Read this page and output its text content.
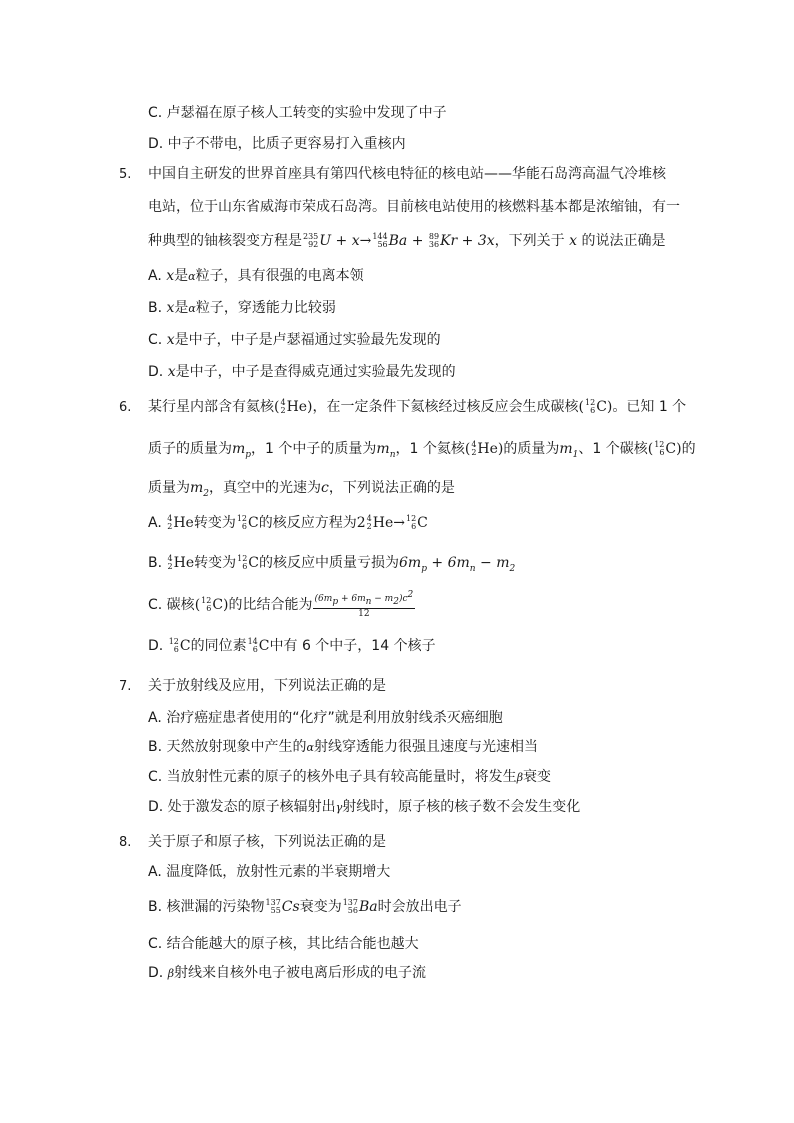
C. 卢瑟福在原子核人工转变的实验中发现了中子
D. 中子不带电，比质子更容易打入重核内
5. 中国自主研发的世界首座具有第四代核电特征的核电站——华能石岛湾高温气冷堆核
电站，位于山东省威海市荣成石岛湾。目前核电站使用的核燃料基本都是浓缩铀，有一
种典型的铀核裂变方程是 235
92 U + x→ 144
56 Ba + 89
36 Kr + 3x，下列关于 x 的说法正确是
A. x是α粒子，具有很强的电离本领
B. x是α粒子，穿透能力比较弱
C. x是中子，中子是卢瑟福通过实验最先发现的
D. x是中子，中子是查得威克通过实验最先发现的
6. 某行星内部含有氦核( 4
2 He)，在一定条件下氦核经过核反应会生成碳核( 12
6 C)。已知 1 个
质子的质量为$m_p$，1 个中子的质量为$m_n$，1 个氦核( 4
2 He)的质量为$m_1$、1 个碳核( 12
6 C)的
质量为$m_2$，真空中的光速为c，下列说法正确的是
A. 4
2 He转变为 12
6 C的核反应方程为2 4
2 He→ 12
6 C
B. 4
2 He转变为 12
6 C的核反应中质量亏损为$6m_p + 6m_n - m_2$
C. 碳核( 12
6 C)的比结合能为 $\frac{(6m_p + 6m_n - m_2)c^2}{12}$
D. 12
6 C的同位素 14
6 C中有 6 个中子，14 个核子
7. 关于放射线及应用，下列说法正确的是
A. 治疗癌症患者使用的“化疗”就是利用放射线杀灭癌细胞
B. 天然放射现象中产生的α射线穿透能力很强且速度与光速相当
C. 当放射性元素的原子的核外电子具有较高能量时，将发生β衰变
D. 处于激发态的原子核辐射出γ射线时，原子核的核子数不会发生变化
8. 关于原子和原子核，下列说法正确的是
A. 温度降低，放射性元素的半衰期增大
B. 核泄漏的污染物 137
55 Cs衰变为 137
56 Ba时会放出电子
C. 结合能越大的原子核，其比结合能也越大
D. β射线来自核外电子被电离后形成的电子流
